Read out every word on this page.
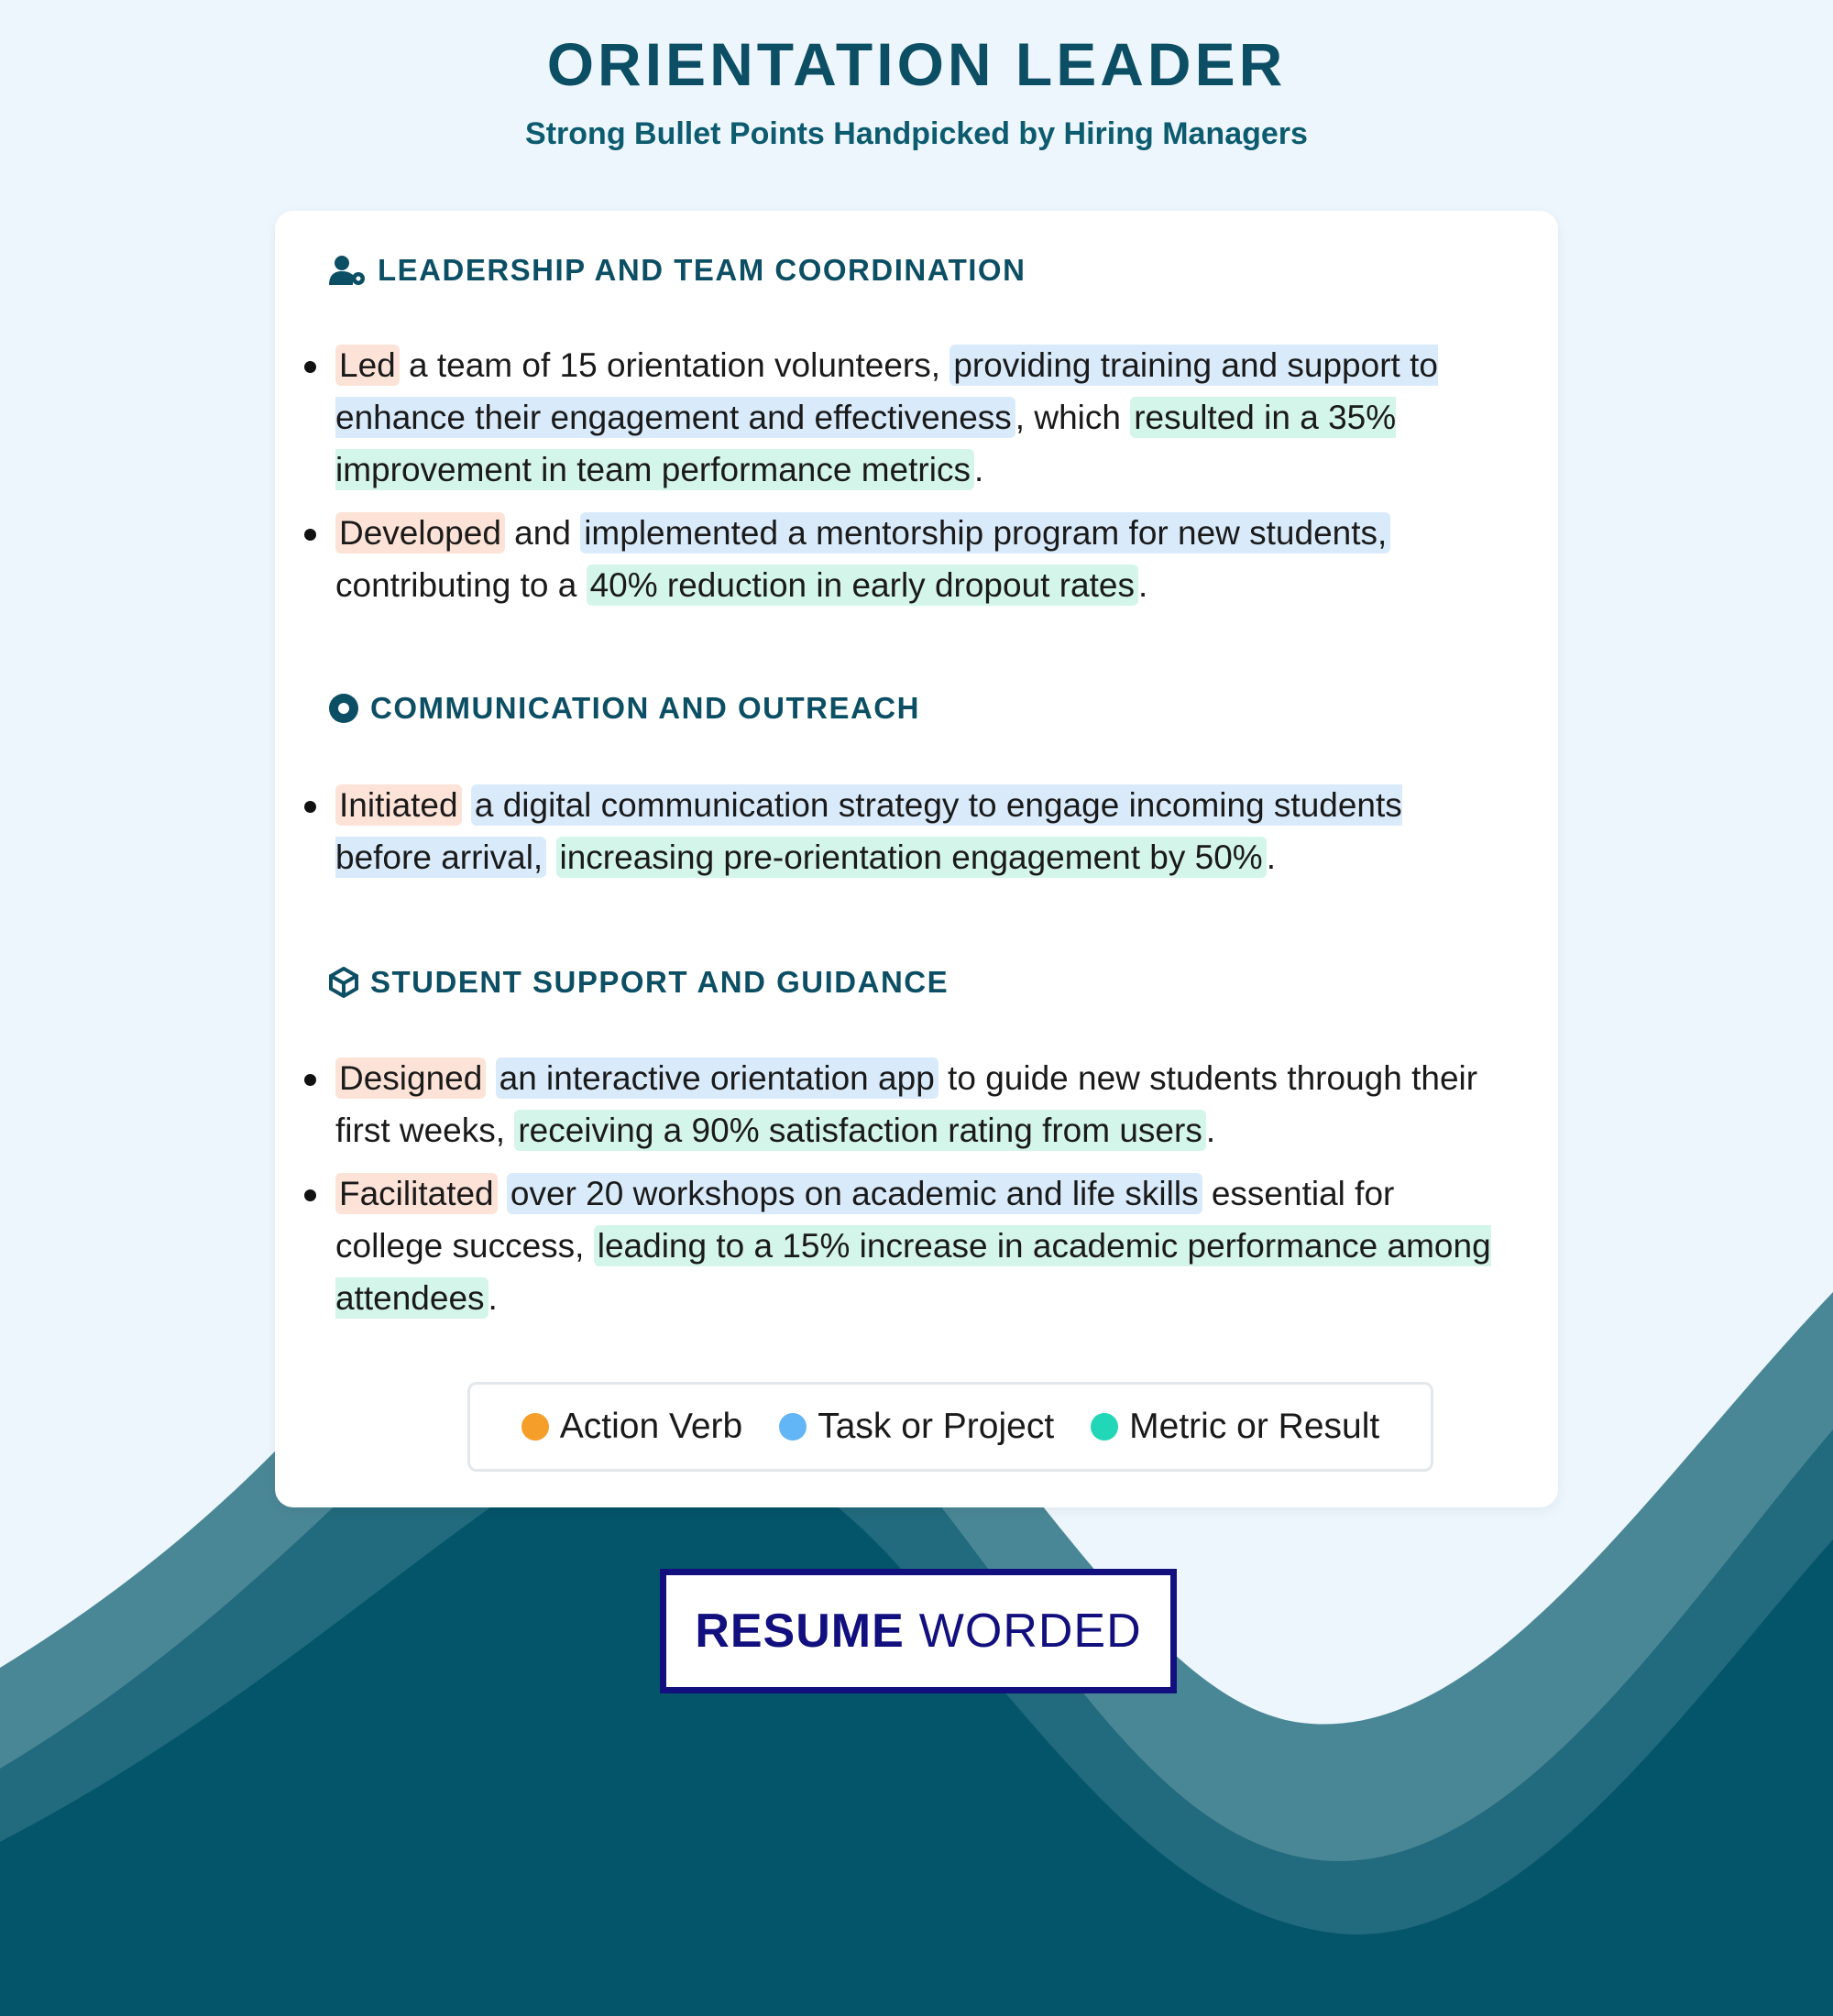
ORIENTATION LEADER
Strong Bullet Points Handpicked by Hiring Managers
LEADERSHIP AND TEAM COORDINATION
Led a team of 15 orientation volunteers, providing training and support to enhance their engagement and effectiveness , which resulted in a 35% improvement in team performance metrics .
Developed and implemented a mentorship program for new students, contributing to a 40% reduction in early dropout rates .
COMMUNICATION AND OUTREACH
Initiated a digital communication strategy to engage incoming students before arrival, increasing pre-orientation engagement by 50% .
STUDENT SUPPORT AND GUIDANCE
Designed an interactive orientation app to guide new students through their first weeks, receiving a 90% satisfaction rating from users .
Facilitated over 20 workshops on academic and life skills essential for college success, leading to a 15% increase in academic performance among attendees .
Action Verb Task or Project Metric or Result
RESUME WORDED
